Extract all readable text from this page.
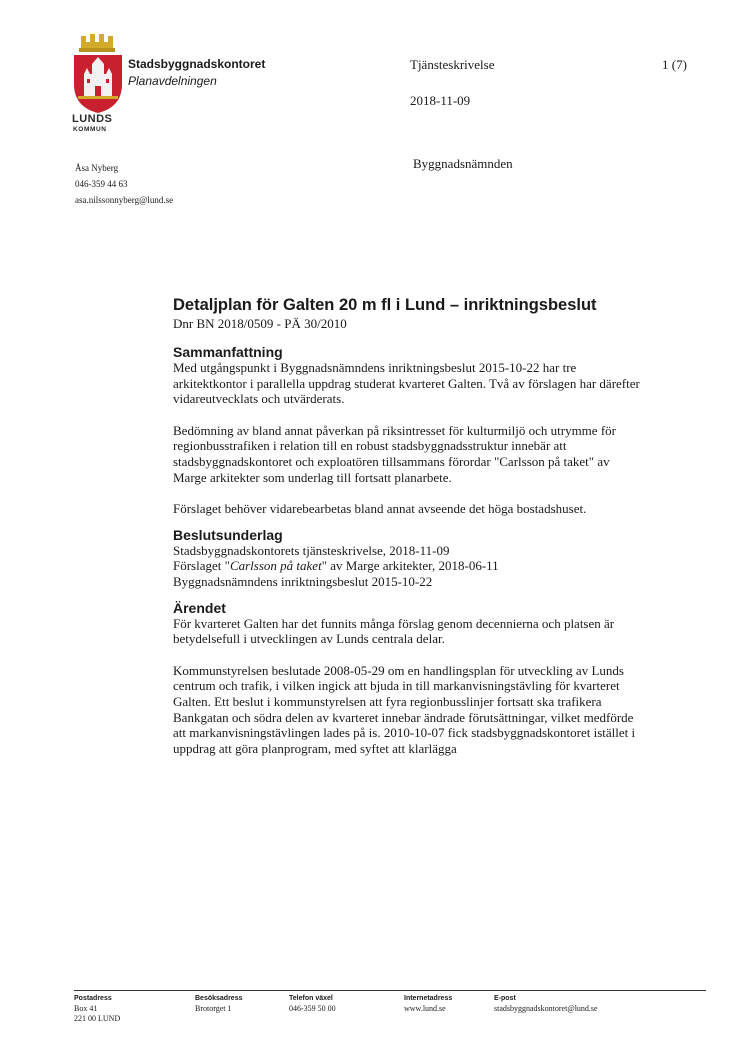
LUNDS
KOMMUN
Stadsbyggnadskontoret
Planavdelningen
Tjänsteskrivelse	1 (7)
2018-11-09
Byggnadsnämnden
Åsa Nyberg
046-359 44 63
asa.nilssonnyberg@lund.se
Detaljplan för Galten 20 m fl i Lund – inriktningsbeslut

Dnr BN 2018/0509 - PÄ 30/2010

Sammanfattning

Med utgångspunkt i Byggnadsnämndens inriktningsbeslut 2015-10-22 har tre arkitektkontor i parallella uppdrag studerat kvarteret Galten. Två av förslagen har därefter vidareutvecklats och utvärderats.

Bedömning av bland annat påverkan på riksintresset för kulturmiljö och utrymme för regionbusstrafiken i relation till en robust stadsbyggnadsstruktur innebär att stadsbyggnadskontoret och exploatören tillsammans förordar "Carlsson på taket" av Marge arkitekter som underlag till fortsatt planarbete.

Förslaget behöver vidarebearbetas bland annat avseende det höga bostadshuset.

Beslutsunderlag
Stadsbyggnadskontorets tjänsteskrivelse, 2018-11-09
Förslaget "Carlsson på taket" av Marge arkitekter, 2018-06-11
Byggnadsnämndens inriktningsbeslut 2015-10-22
Ärendet

För kvarteret Galten har det funnits många förslag genom decennierna och platsen är betydelsefull i utvecklingen av Lunds centrala delar.

Kommunstyrelsen beslutade 2008-05-29 om en handlingsplan för utveckling av Lunds centrum och trafik, i vilken ingick att bjuda in till markanvisningstävling för kvarteret Galten. Ett beslut i kommunstyrelsen att fyra regionbusslinjer fortsatt ska trafikera Bankgatan och södra delen av kvarteret innebar ändrade förutsättningar, vilket medförde att markanvisningstävlingen lades på is. 2010-10-07 fick stadsbyggnadskontoret istället i uppdrag att göra planprogram, med syftet att klarlägga

Postadress
Box 41
221 00 LUND
Besöksadress
Brotorget 1
Telefon växel
046-359 50 00
Internetadress
www.lund.se
E-post
stadsbyggnadskontoret@lund.se
